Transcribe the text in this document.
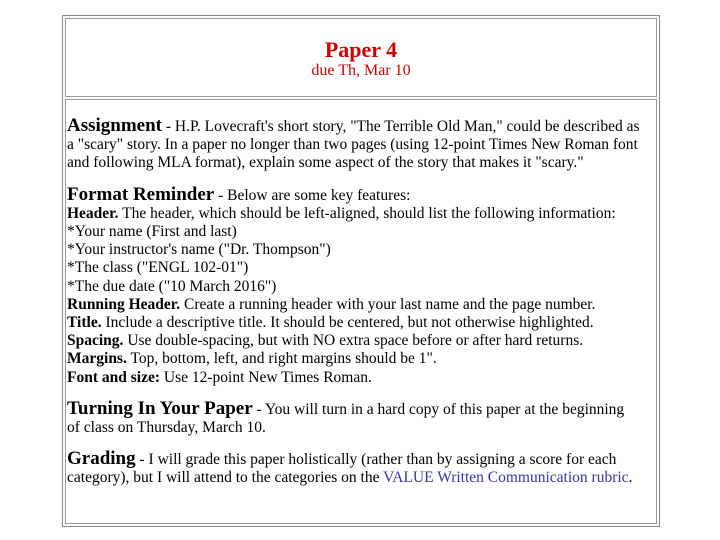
Paper 4
due Th, Mar 10
Assignment - H.P. Lovecraft's short story, "The Terrible Old Man," could be described as
a "scary" story. In a paper no longer than two pages (using 12-point Times New Roman font
and following MLA format), explain some aspect of the story that makes it "scary."
Format Reminder - Below are some key features:
Header. The header, which should be left-aligned, should list the following information:
*Your name (First and last)
*Your instructor's name ("Dr. Thompson")
*The class ("ENGL 102-01")
*The due date ("10 March 2016")
Running Header. Create a running header with your last name and the page number.
Title. Include a descriptive title. It should be centered, but not otherwise highlighted.
Spacing. Use double-spacing, but with NO extra space before or after hard returns.
Margins. Top, bottom, left, and right margins should be 1".
Font and size: Use 12-point New Times Roman.
Turning In Your Paper - You will turn in a hard copy of this paper at the beginning
of class on Thursday, March 10.
Grading - I will grade this paper holistically (rather than by assigning a score for each
category), but I will attend to the categories on the VALUE Written Communication rubric.
